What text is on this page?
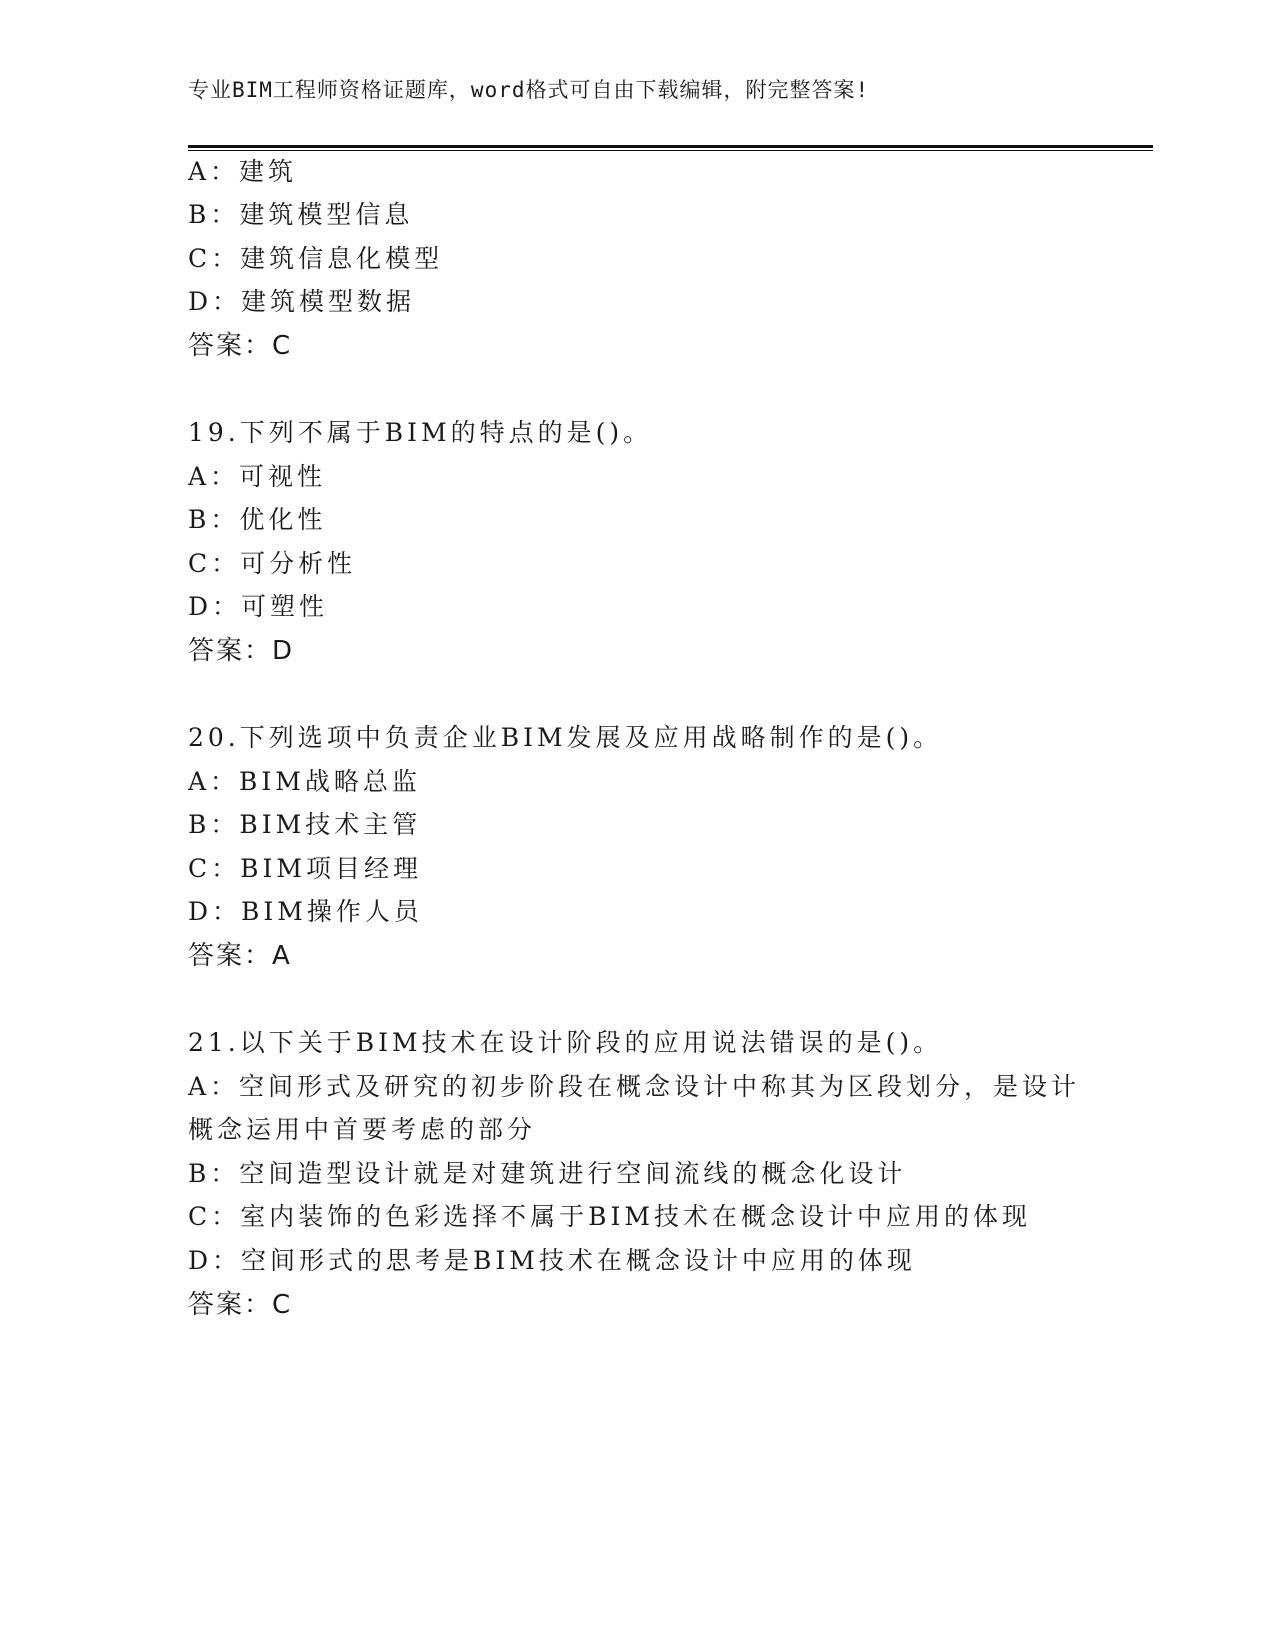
专业BIM工程师资格证题库，word格式可自由下载编辑，附完整答案!
A：建筑
B：建筑模型信息
C：建筑信息化模型
D：建筑模型数据
答案：C
19.下列不属于BIM的特点的是()。
A：可视性
B：优化性
C：可分析性
D：可塑性
答案：D
20.下列选项中负责企业BIM发展及应用战略制作的是()。
A：BIM战略总监
B：BIM技术主管
C：BIM项目经理
D：BIM操作人员
答案：A
21.以下关于BIM技术在设计阶段的应用说法错误的是()。
A：空间形式及研究的初步阶段在概念设计中称其为区段划分，是设计
概念运用中首要考虑的部分
B：空间造型设计就是对建筑进行空间流线的概念化设计
C：室内装饰的色彩选择不属于BIM技术在概念设计中应用的体现
D：空间形式的思考是BIM技术在概念设计中应用的体现
答案：C
